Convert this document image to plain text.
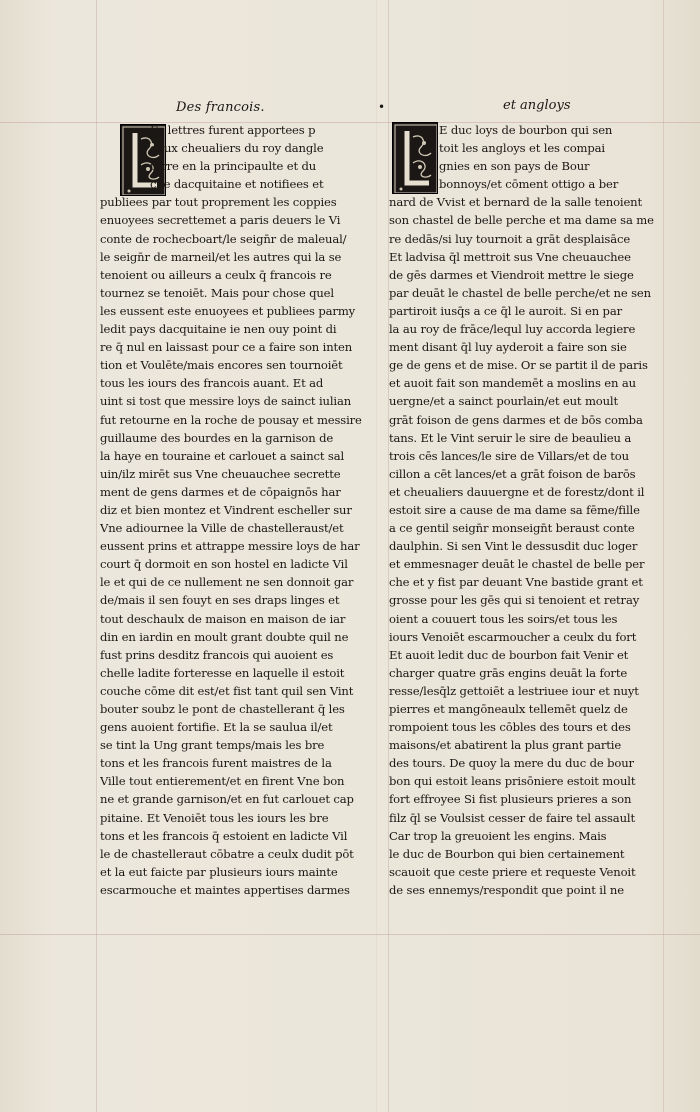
Des francois.	•	et angloys
Es lettres furent apportees p
deux cheualiers du roy dangle
terre en la principaulte et du
che dacquitaine et notifiees et
publiees par tout proprement les coppies
enuoyees secrettemet a paris deuers le Vi
conte de rochecboart/le seign̄r de maleual/
le seign̄r de marneil/et les autres qui la se
tenoient ou ailleurs a ceulx q̄ francois re
tournez se tenoiēt. Mais pour chose quel
les eussent este enuoyees et publiees parmy
ledit pays dacquitaine ie nen ouy point di
re q̄ nul en laissast pour ce a faire son inten
tion et Voulēte/mais encores sen tournoiēt
tous les iours des francois auant. Et ad
uint si tost que messire loys de sainct iulian
fut retourne en la roche de pousay et messire
guillaume des bourdes en la garnison de
la haye en touraine et carlouet a sainct sal
uin/ilz mirēt sus Vne cheuauchee secrette
ment de gens darmes et de cōpaignōs har
diz et bien montez et Vindrent escheller sur
Vne adiournee la Ville de chastelleraust/et
eussent prins et attrappe messire loys de har
court q̄ dormoit en son hostel en ladicte Vil
le et qui de ce nullement ne sen donnoit gar
de/mais il sen fouyt en ses draps linges et
tout deschaulx de maison en maison de iar
din en iardin en moult grant doubte quil ne
fust prins desditz francois qui auoient es
chelle ladite forteresse en laquelle il estoit
couche cōme dit est/et fist tant quil sen Vint
bouter soubz le pont de chastellerant q̄ les
gens auoient fortifie. Et la se saulua il/et
se tint la Ung grant temps/mais les bre
tons et les francois furent maistres de la
Ville tout entierement/et en firent Vne bon
ne et grande garnison/et en fut carlouet cap
pitaine. Et Venoiēt tous les iours les bre
tons et les francois q̄ estoient en ladicte Vil
le de chastelleraut cōbatre a ceulx dudit pōt
et la eut faicte par plusieurs iours mainte
escarmouche et maintes appertises darmes
E duc loys de bourbon qui sen
toit les angloys et les compai
gnies en son pays de Bour
bonnoys/et cōment ottigo a ber
nard de Vvist et bernard de la salle tenoient
son chastel de belle perche et ma dame sa me
re dedās/si luy tournoit a grāt desplaisāce
Et ladvisa q̄l mettroit sus Vne cheuauchee
de gēs darmes et Viendroit mettre le siege
par deuāt le chastel de belle perche/et ne sen
partiroit iusq̄s a ce q̄l le auroit. Si en par
la au roy de frāce/lequl luy accorda legiere
ment disant q̄l luy ayderoit a faire son sie
ge de gens et de mise. Or se partit il de paris
et auoit fait son mandemēt a moslins en au
uergne/et a sainct pourlain/et eut moult
grāt foison de gens darmes et de bōs comba
tans. Et le Vint seruir le sire de beaulieu a
trois cēs lances/le sire de Villars/et de tou
cillon a cēt lances/et a grāt foison de barōs
et cheualiers dauuergne et de forestz/dont il
estoit sire a cause de ma dame sa fēme/fille
a ce gentil seign̄r monseign̄t beraust conte
daulphin. Si sen Vint le dessusdit duc loger
et emmesnager deuāt le chastel de belle per
che et y fist par deuant Vne bastide grant et
grosse pour les gēs qui si tenoient et retray
oient a couuert tous les soirs/et tous les
iours Venoiēt escarmoucher a ceulx du fort
Et auoit ledit duc de bourbon fait Venir et
charger quatre grās engins deuāt la forte
resse/lesq̄lz gettoiēt a lestriuee iour et nuyt
pierres et mangōneaulx tellemēt quelz de
rompoient tous les cōbles des tours et des
maisons/et abatirent la plus grant partie
des tours. De quoy la mere du duc de bour
bon qui estoit leans prisōniere estoit moult
fort effroyee Si fist plusieurs prieres a son
filz q̄l se Voulsist cesser de faire tel assault
Car trop la greuoient les engins. Mais
le duc de Bourbon qui bien certainement
scauoit que ceste priere et requeste Venoit
de ses ennemys/respondit que point il ne
